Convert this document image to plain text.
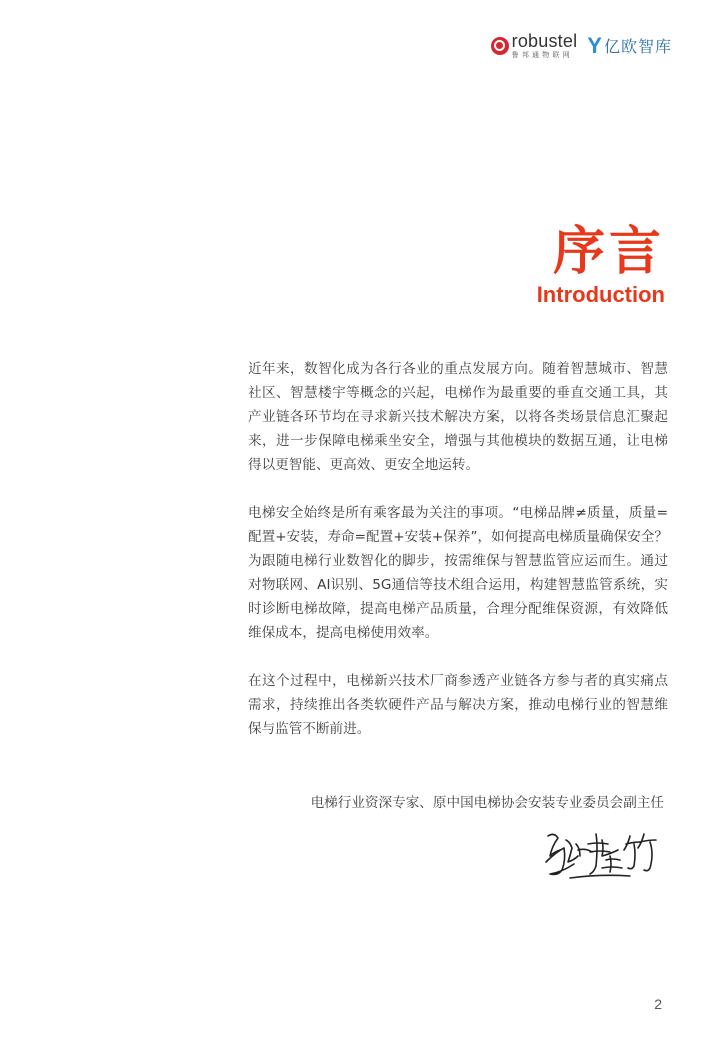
robustel
鲁邦通物联网 Y 亿欧智库
序言
Introduction

近年来，数智化成为各行各业的重点发展方向。随着智慧城市、智慧社区、智慧楼宇等概念的兴起，电梯作为最重要的垂直交通工具，其产业链各环节均在寻求新兴技术解决方案，以将各类场景信息汇聚起来，进一步保障电梯乘坐安全，增强与其他模块的数据互通，让电梯得以更智能、更高效、更安全地运转。

电梯安全始终是所有乘客最为关注的事项。“电梯品牌≠质量，质量=配置+安装，寿命=配置+安装+保养”，如何提高电梯质量确保安全？为跟随电梯行业数智化的脚步，按需维保与智慧监管应运而生。通过对物联网、AI识别、5G通信等技术组合运用，构建智慧监管系统，实时诊断电梯故障，提高电梯产品质量，合理分配维保资源，有效降低维保成本，提高电梯使用效率。

在这个过程中，电梯新兴技术厂商参透产业链各方参与者的真实痛点需求，持续推出各类软硬件产品与解决方案，推动电梯行业的智慧维保与监管不断前进。

电梯行业资深专家、原中国电梯协会安装专业委员会副主任
2
